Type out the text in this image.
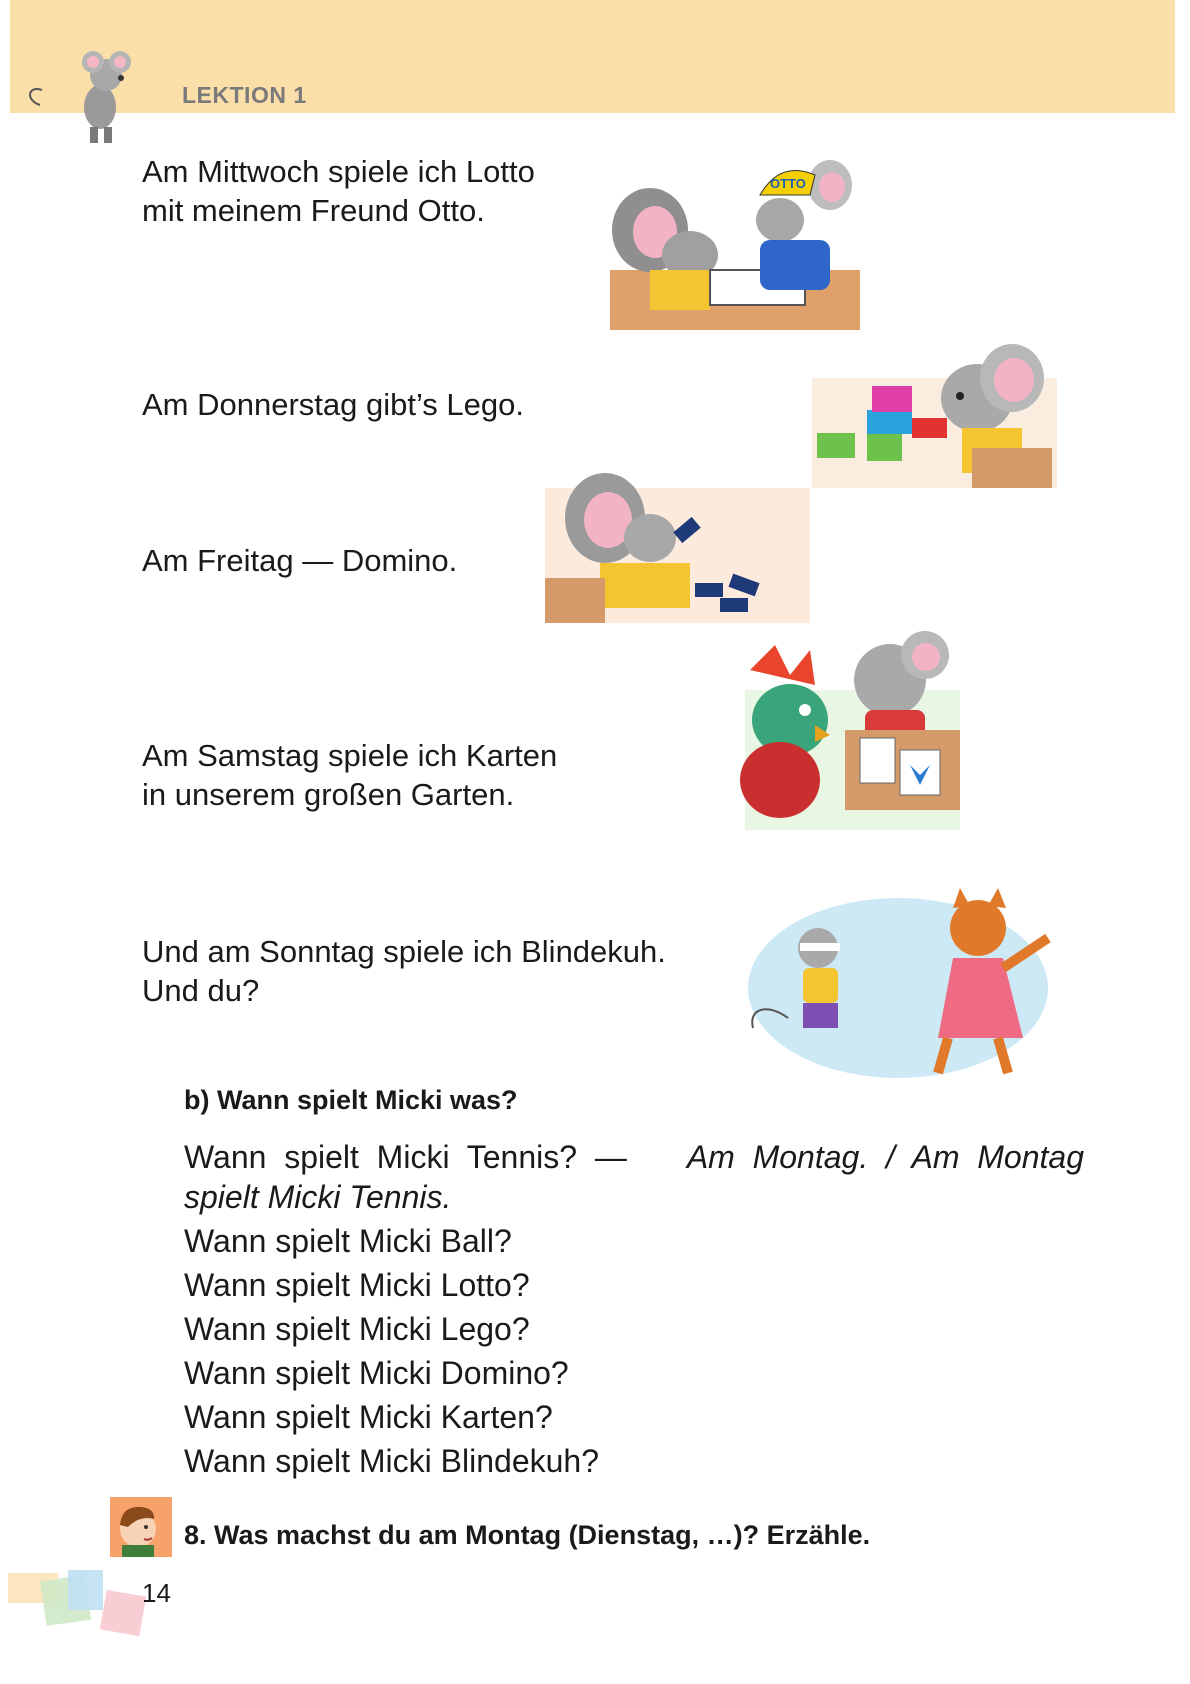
LEKTION 1
Am Mittwoch spiele ich Lotto
mit meinem Freund Otto.
Am Donnerstag gibt’s Lego.
Am Freitag — Domino.
Am Samstag spiele ich Karten
in unserem großen Garten.
Und am Sonntag spiele ich Blindekuh.
Und du?
OTTO
b) Wann spielt Micki was?
Wann  spielt  Micki  Tennis?  — Am  Montag.  /  Am  Montag
spielt Micki Tennis.
Wann spielt Micki Ball?
Wann spielt Micki Lotto?
Wann spielt Micki Lego?
Wann spielt Micki Domino?
Wann spielt Micki Karten?
Wann spielt Micki Blindekuh?
8. Was machst du am Montag (Dienstag, …)? Erzähle.
14
